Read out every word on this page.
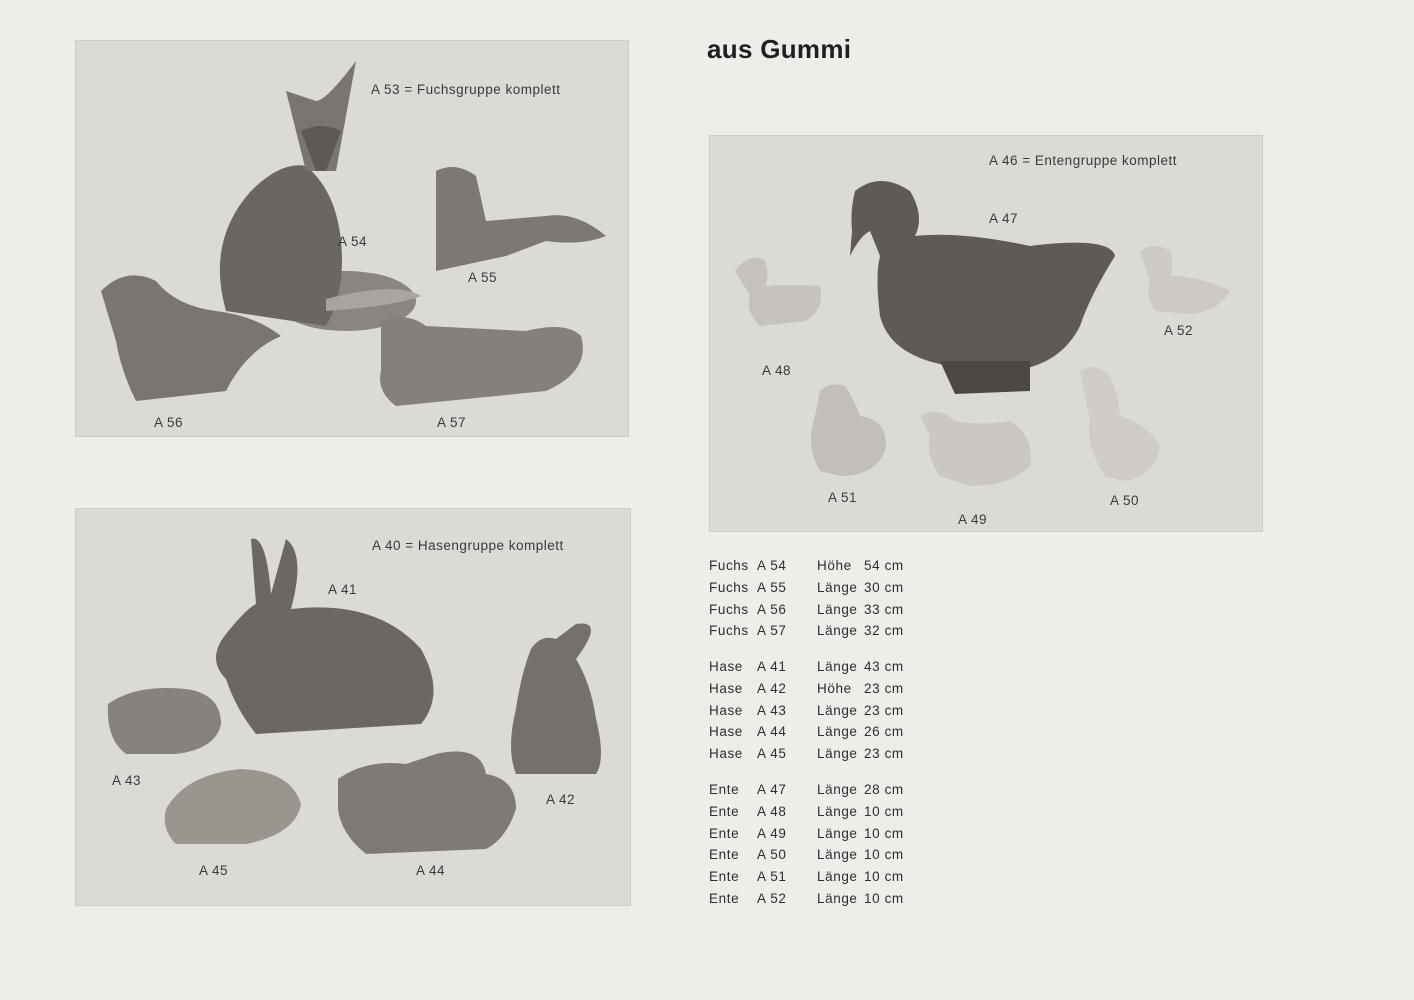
A 53 = Fuchsgruppe komplett
A 54
A 55
A 56	A 57
A 40 = Hasengruppe komplett
A 41
A 42
A 43
A 44
A 45
aus Gummi
A 46 = Entengruppe komplett
A 47
A 48
A 49
A 50
A 51
A 52
Fuchs A 54 Höhe 54 cm
Fuchs A 55 Länge 30 cm
Fuchs A 56 Länge 33 cm
Fuchs A 57 Länge 32 cm
Hase A 41 Länge 43 cm
Hase A 42 Höhe 23 cm
Hase A 43 Länge 23 cm
Hase A 44 Länge 26 cm
Hase A 45 Länge 23 cm
Ente A 47 Länge 28 cm
Ente A 48 Länge 10 cm
Ente A 49 Länge 10 cm
Ente A 50 Länge 10 cm
Ente A 51 Länge 10 cm
Ente A 52 Länge 10 cm
